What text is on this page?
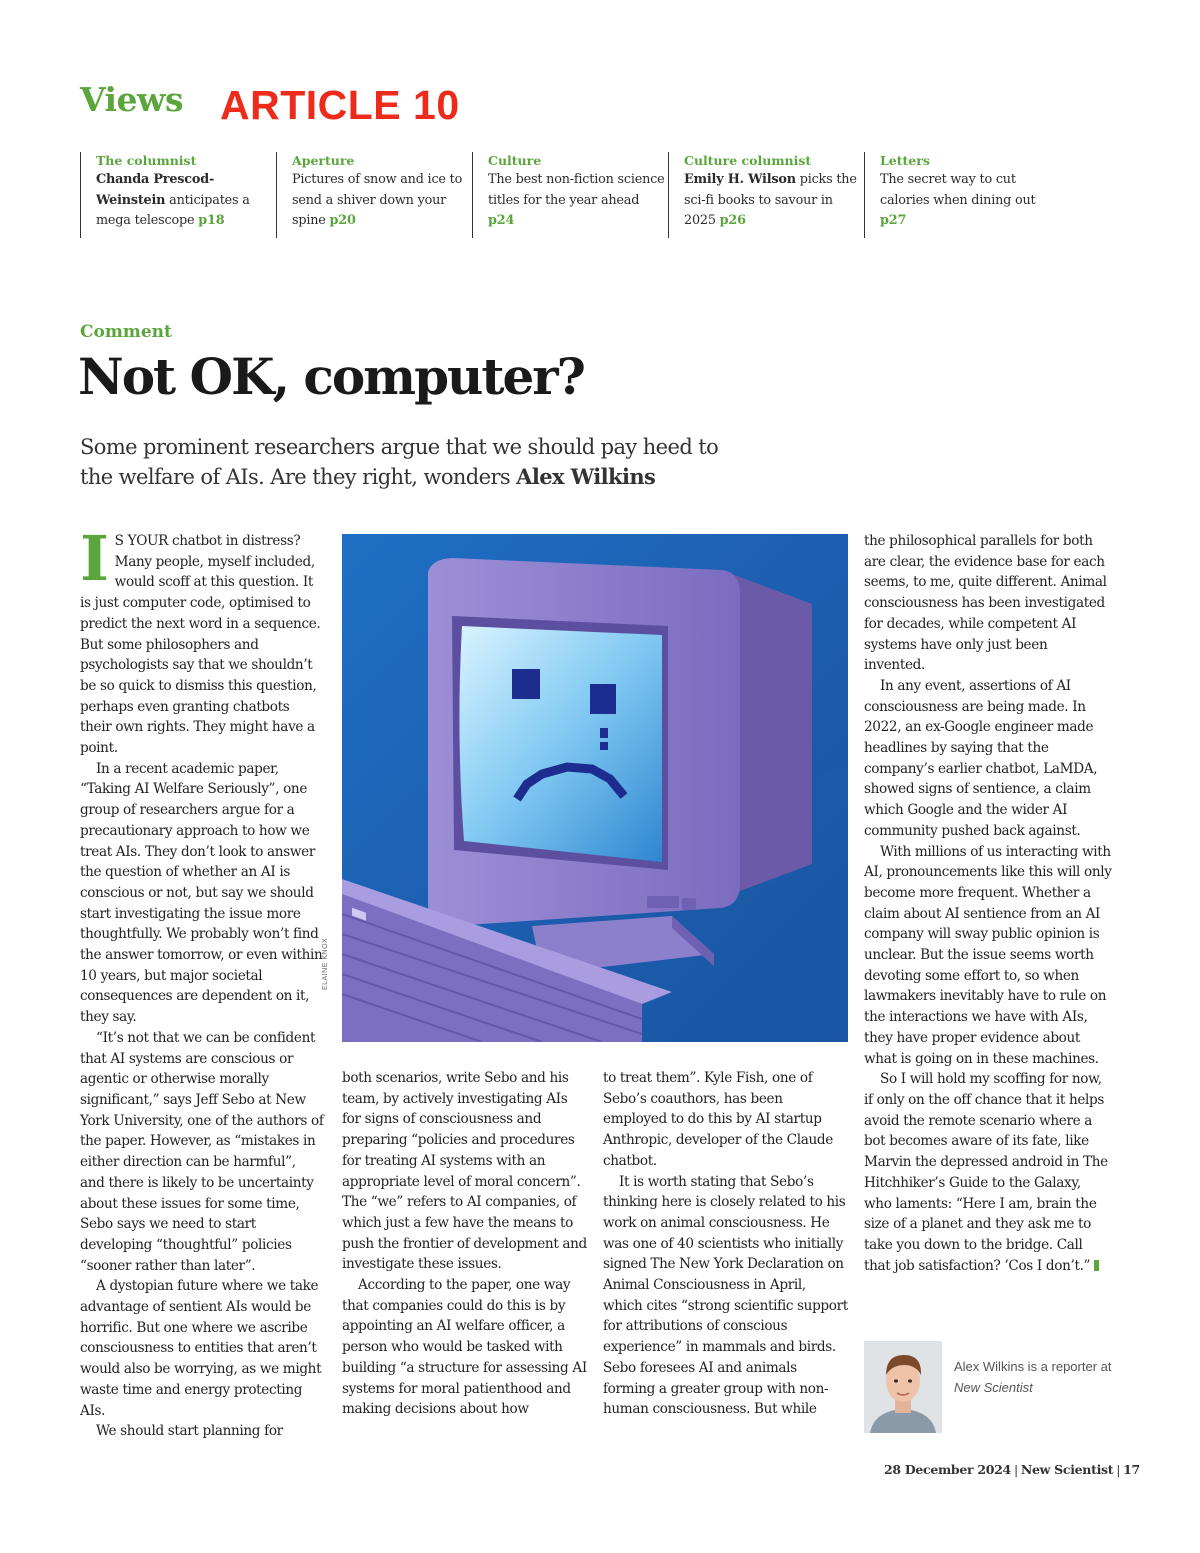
Views ARTICLE 10
The columnist
Chanda Prescod-Weinstein anticipates a mega telescope p18
Aperture
Pictures of snow and ice to send a shiver down your spine p20
Culture
The best non-fiction science titles for the year ahead p24
Culture columnist
Emily H. Wilson picks the sci-fi books to savour in 2025 p26
Letters
The secret way to cut calories when dining out p27
Comment
Not OK, computer?
Some prominent researchers argue that we should pay heed to the welfare of AIs. Are they right, wonders Alex Wilkins

I S YOUR chatbot in distress? Many people, myself included, would scoff at this question. It is just computer code, optimised to predict the next word in a sequence. But some philosophers and psychologists say that we shouldn’t be so quick to dismiss this question, perhaps even granting chatbots their own rights. They might have a point.

In a recent academic paper, “Taking AI Welfare Seriously”, one group of researchers argue for a precautionary approach to how we treat AIs. They don’t look to answer the question of whether an AI is conscious or not, but say we should start investigating the issue more thoughtfully. We probably won’t find the answer tomorrow, or even within 10 years, but major societal consequences are dependent on it, they say.

“It’s not that we can be confident that AI systems are conscious or agentic or otherwise morally significant,” says Jeff Sebo at New York University, one of the authors of the paper. However, as “mistakes in either direction can be harmful”, and there is likely to be uncertainty about these issues for some time, Sebo says we need to start developing “thoughtful” policies “sooner rather than later”.

A dystopian future where we take advantage of sentient AIs would be horrific. But one where we ascribe consciousness to entities that aren’t would also be worrying, as we might waste time and energy protecting AIs.

We should start planning for

ELAINE KNOX

both scenarios, write Sebo and his team, by actively investigating AIs for signs of consciousness and preparing “policies and procedures for treating AI systems with an appropriate level of moral concern”. The “we” refers to AI companies, of which just a few have the means to push the frontier of development and investigate these issues.

According to the paper, one way that companies could do this is by appointing an AI welfare officer, a person who would be tasked with building “a structure for assessing AI systems for moral patienthood and making decisions about how

to treat them”. Kyle Fish, one of Sebo’s coauthors, has been employed to do this by AI startup Anthropic, developer of the Claude chatbot.

It is worth stating that Sebo’s thinking here is closely related to his work on animal consciousness. He was one of 40 scientists who initially signed The New York Declaration on Animal Consciousness in April, which cites “strong scientific support for attributions of conscious experience” in mammals and birds. Sebo foresees AI and animals forming a greater group with non-human consciousness. But while

the philosophical parallels for both are clear, the evidence base for each seems, to me, quite different. Animal consciousness has been investigated for decades, while competent AI systems have only just been invented.

In any event, assertions of AI consciousness are being made. In 2022, an ex-Google engineer made headlines by saying that the company’s earlier chatbot, LaMDA, showed signs of sentience, a claim which Google and the wider AI community pushed back against.

With millions of us interacting with AI, pronouncements like this will only become more frequent. Whether a claim about AI sentience from an AI company will sway public opinion is unclear. But the issue seems worth devoting some effort to, so when lawmakers inevitably have to rule on the interactions we have with AIs, they have proper evidence about what is going on in these machines.

So I will hold my scoffing for now, if only on the off chance that it helps avoid the remote scenario where a bot becomes aware of its fate, like Marvin the depressed android in The Hitchhiker’s Guide to the Galaxy, who laments: “Here I am, brain the size of a planet and they ask me to take you down to the bridge. Call that job satisfaction? ’Cos I don’t.”

Alex Wilkins is a reporter at New Scientist
28 December 2024 | New Scientist | 17
